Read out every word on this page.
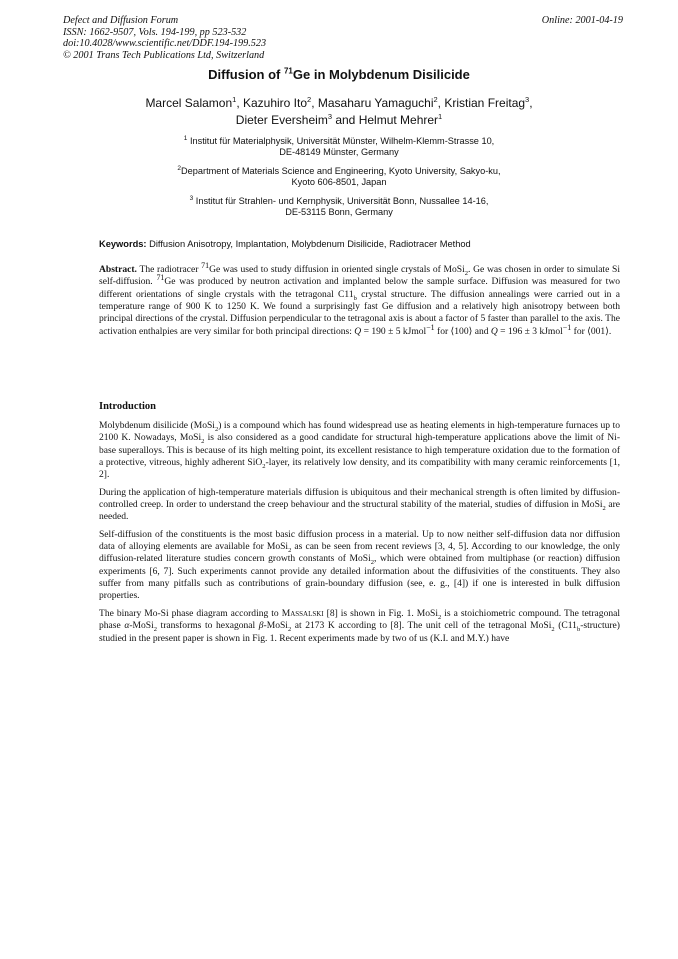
Defect and Diffusion Forum
ISSN: 1662-9507, Vols. 194-199, pp 523-532
doi:10.4028/www.scientific.net/DDF.194-199.523
© 2001 Trans Tech Publications Ltd, Switzerland
Online: 2001-04-19
Diffusion of $^{71}$Ge in Molybdenum Disilicide
Marcel Salamon$^1$, Kazuhiro Ito$^2$, Masaharu Yamaguchi$^2$, Kristian Freitag$^3$,
Dieter Eversheim$^3$ and Helmut Mehrer$^1$
$^1$ Institut für Materialphysik, Universität Münster, Wilhelm-Klemm-Strasse 10,
DE-48149 Münster, Germany
$^2$Department of Materials Science and Engineering, Kyoto University, Sakyo-ku,
Kyoto 606-8501, Japan
$^3$ Institut für Strahlen- und Kernphysik, Universität Bonn, Nussallee 14-16,
DE-53115 Bonn, Germany
Keywords: Diffusion Anisotropy, Implantation, Molybdenum Disilicide, Radiotracer Method
Abstract. The radiotracer $^{71}$Ge was used to study diffusion in oriented single crystals of MoSi$_2$. Ge was chosen in order to simulate Si self-diffusion. $^{71}$Ge was produced by neutron activation and implanted below the sample surface. Diffusion was measured for two different orientations of single crystals with the tetragonal $C11_b$ crystal structure. The diffusion annealings were carried out in a temperature range of 900 K to 1250 K. We found a surprisingly fast Ge diffusion and a relatively high anisotropy between both principal directions of the crystal. Diffusion perpendicular to the tetragonal axis is about a factor of 5 faster than parallel to the axis. The activation enthalpies are very similar for both principal directions: Q = 190 ± 5 kJmol$^{-1}$ for ⟨100⟩ and Q = 196 ± 3 kJmol$^{-1}$ for ⟨001⟩.
Introduction

Molybdenum disilicide (MoSi$_2$) is a compound which has found widespread use as heating elements in high-temperature furnaces up to 2100 K. Nowadays, MoSi$_2$ is also considered as a good candidate for structural high-temperature applications above the limit of Ni-base superalloys. This is because of its high melting point, its excellent resistance to high temperature oxidation due to the formation of a protective, vitreous, highly adherent SiO$_2$-layer, its relatively low density, and its compatibility with many ceramic reinforcements [1, 2].

During the application of high-temperature materials diffusion is ubiquitous and their mechanical strength is often limited by diffusion-controlled creep. In order to understand the creep behaviour and the structural stability of the material, studies of diffusion in MoSi$_2$ are needed.

Self-diffusion of the constituents is the most basic diffusion process in a material. Up to now neither self-diffusion data nor diffusion data of alloying elements are available for MoSi$_2$ as can be seen from recent reviews [3, 4, 5]. According to our knowledge, the only diffusion-related literature studies concern growth constants of MoSi$_2$, which were obtained from multiphase (or reaction) diffusion experiments [6, 7]. Such experiments cannot provide any detailed information about the diffusivities of the constituents. They also suffer from many pitfalls such as contributions of grain-boundary diffusion (see, e. g., [4]) if one is interested in bulk diffusion properties.

The binary Mo-Si phase diagram according to Massalski [8] is shown in Fig. 1. MoSi$_2$ is a stoichiometric compound. The tetragonal phase α-MoSi$_2$ transforms to hexagonal β-MoSi$_2$ at 2173 K according to [8]. The unit cell of the tetragonal MoSi$_2$ $(C11_b-structure)$ studied in the present paper is shown in Fig. 1. Recent experiments made by two of us (K.I. and M.Y.) have
